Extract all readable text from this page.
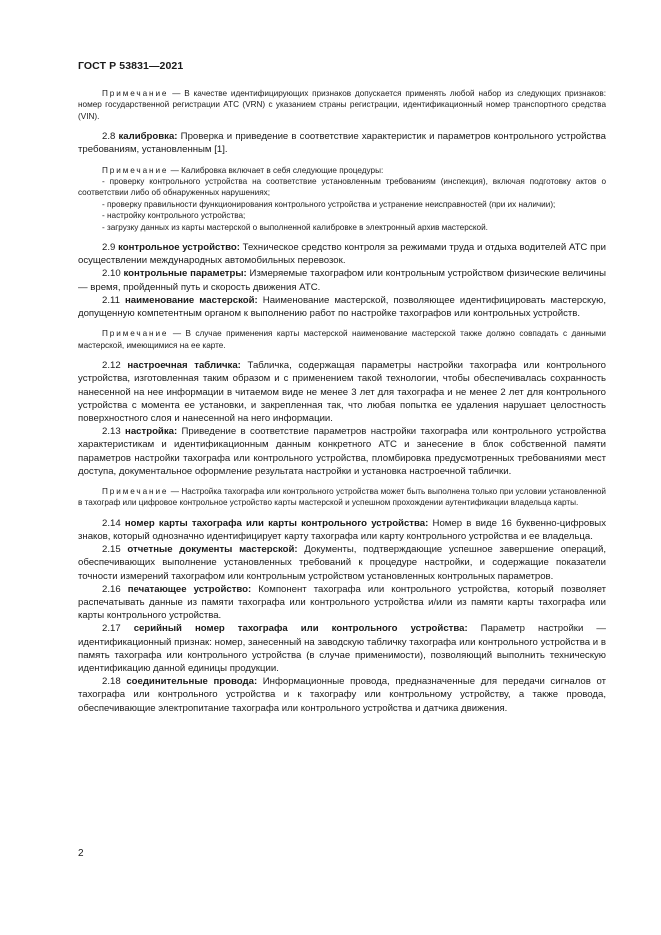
ГОСТ Р 53831—2021

Примечание — В качестве идентифицирующих признаков допускается применять любой набор из следующих признаков: номер государственной регистрации АТС (VRN) с указанием страны регистрации, идентификационный номер транспортного средства (VIN).

2.8 калибровка: Проверка и приведение в соответствие характеристик и параметров контрольного устройства требованиям, установленным [1].

Примечание — Калибровка включает в себя следующие процедуры:

- проверку контрольного устройства на соответствие установленным требованиям (инспекция), включая подготовку актов о соответствии либо об обнаруженных нарушениях;

- проверку правильности функционирования контрольного устройства и устранение неисправностей (при их наличии);

- настройку контрольного устройства;

- загрузку данных из карты мастерской о выполненной калибровке в электронный архив мастерской.

2.9 контрольное устройство: Техническое средство контроля за режимами труда и отдыха водителей АТС при осуществлении международных автомобильных перевозок.

2.10 контрольные параметры: Измеряемые тахографом или контрольным устройством физические величины — время, пройденный путь и скорость движения АТС.

2.11 наименование мастерской: Наименование мастерской, позволяющее идентифицировать мастерскую, допущенную компетентным органом к выполнению работ по настройке тахографов или контрольных устройств.

Примечание — В случае применения карты мастерской наименование мастерской также должно совпадать с данными мастерской, имеющимися на ее карте.

2.12 настроечная табличка: Табличка, содержащая параметры настройки тахографа или контрольного устройства, изготовленная таким образом и с применением такой технологии, чтобы обеспечивалась сохранность нанесенной на нее информации в читаемом виде не менее 3 лет для тахографа и не менее 2 лет для контрольного устройства с момента ее установки, и закрепленная так, что любая попытка ее удаления нарушает целостность поверхностного слоя и нанесенной на него информации.

2.13 настройка: Приведение в соответствие параметров настройки тахографа или контрольного устройства характеристикам и идентификационным данным конкретного АТС и занесение в блок собственной памяти параметров настройки тахографа или контрольного устройства, пломбировка предусмотренных требованиями мест доступа, документальное оформление результата настройки и установка настроечной таблички.

Примечание — Настройка тахографа или контрольного устройства может быть выполнена только при условии установленной в тахограф или цифровое контрольное устройство карты мастерской и успешном прохождении аутентификации владельца карты.

2.14 номер карты тахографа или карты контрольного устройства: Номер в виде 16 буквенно-цифровых знаков, который однозначно идентифицирует карту тахографа или карту контрольного устройства и ее владельца.

2.15 отчетные документы мастерской: Документы, подтверждающие успешное завершение операций, обеспечивающих выполнение установленных требований к процедуре настройки, и содержащие показатели точности измерений тахографом или контрольным устройством установленных контрольных параметров.

2.16 печатающее устройство: Компонент тахографа или контрольного устройства, который позволяет распечатывать данные из памяти тахографа или контрольного устройства и/или из памяти карты тахографа или карты контрольного устройства.

2.17 серийный номер тахографа или контрольного устройства: Параметр настройки — идентификационный признак: номер, занесенный на заводскую табличку тахографа или контрольного устройства и в память тахографа или контрольного устройства (в случае применимости), позволяющий выполнить техническую идентификацию данной единицы продукции.

2.18 соединительные провода: Информационные провода, предназначенные для передачи сигналов от тахографа или контрольного устройства и к тахографу или контрольному устройству, а также провода, обеспечивающие электропитание тахографа или контрольного устройства и датчика движения.

2
